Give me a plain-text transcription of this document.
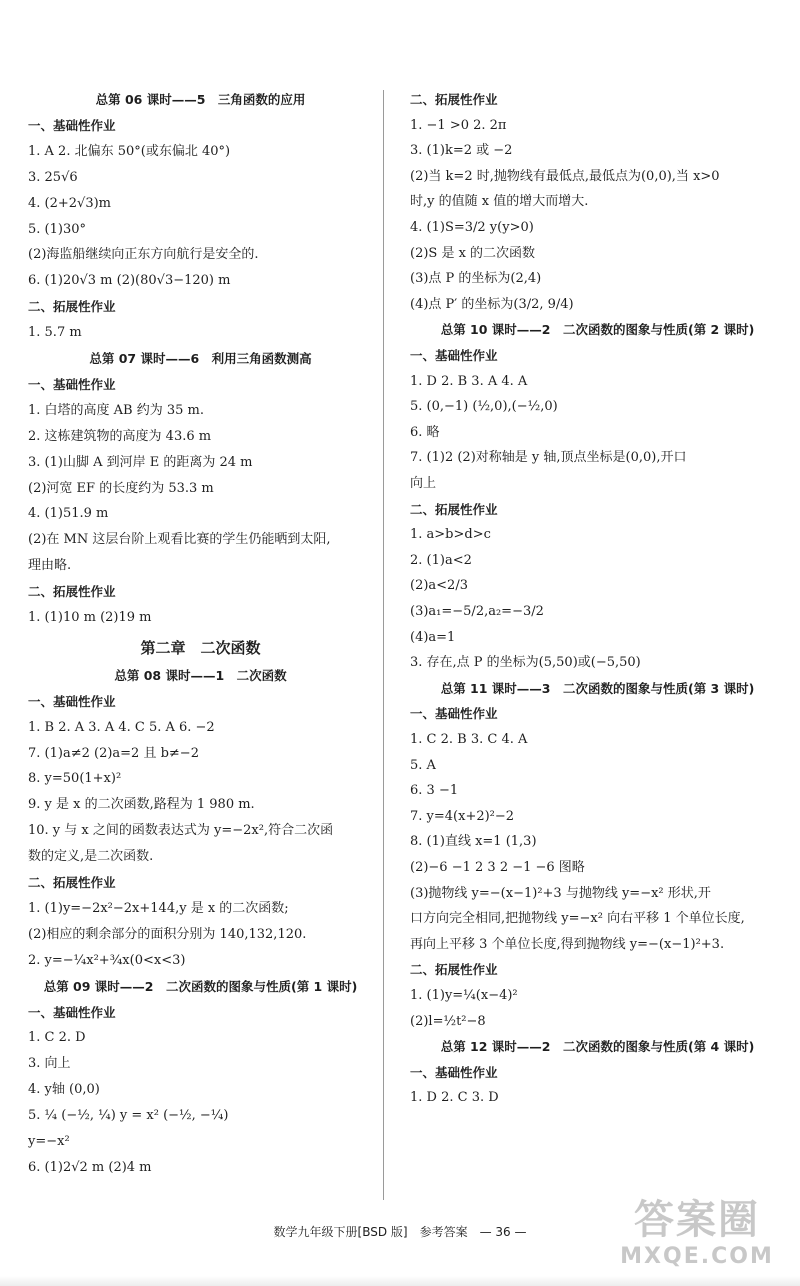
总第 06 课时——5　三角函数的应用
一、基础性作业
1. A 2. 北偏东 50°(或东偏北 40°)
3. 25√6
4. (2+2√3)m
5. (1)30°
(2)海监船继续向正东方向航行是安全的.
6. (1)20√3 m (2)(80√3−120) m
二、拓展性作业
1. 5.7 m
总第 07 课时——6　利用三角函数测高
一、基础性作业
1. 白塔的高度 AB 约为 35 m.
2. 这栋建筑物的高度为 43.6 m
3. (1)山脚 A 到河岸 E 的距离为 24 m
(2)河宽 EF 的长度约为 53.3 m
4. (1)51.9 m
(2)在 MN 这层台阶上观看比赛的学生仍能晒到太阳,
理由略.
二、拓展性作业
1. (1)10 m (2)19 m
第二章　二次函数
总第 08 课时——1　二次函数
一、基础性作业
1. B 2. A 3. A 4. C 5. A 6. −2
7. (1)a≠2 (2)a=2 且 b≠−2
8. y=50(1+x)²
9. y 是 x 的二次函数,路程为 1 980 m.
10. y 与 x 之间的函数表达式为 y=−2x²,符合二次函
数的定义,是二次函数.
二、拓展性作业
1. (1)y=−2x²−2x+144,y 是 x 的二次函数;
(2)相应的剩余部分的面积分别为 140,132,120.
2. y=−¼x²+¾x(0<x<3)
总第 09 课时——2　二次函数的图象与性质(第 1 课时)
一、基础性作业
1. C 2. D
3. 向上
4. y轴 (0,0)
5. ¼ (−½, ¼) y = x² (−½, −¼)
y=−x²
6. (1)2√2 m (2)4 m
二、拓展性作业
1. −1 >0 2. 2π
3. (1)k=2 或 −2
(2)当 k=2 时,抛物线有最低点,最低点为(0,0),当 x>0
时,y 的值随 x 值的增大而增大.
4. (1)S=3/2 y(y>0)
(2)S 是 x 的二次函数
(3)点 P 的坐标为(2,4)
(4)点 P′ 的坐标为(3/2, 9/4)
总第 10 课时——2　二次函数的图象与性质(第 2 课时)
一、基础性作业
1. D 2. B 3. A 4. A
5. (0,−1) (½,0),(−½,0)
6. 略
7. (1)2 (2)对称轴是 y 轴,顶点坐标是(0,0),开口
向上
二、拓展性作业
1. a>b>d>c
2. (1)a<2
(2)a<2/3
(3)a₁=−5/2,a₂=−3/2
(4)a=1
3. 存在,点 P 的坐标为(5,50)或(−5,50)
总第 11 课时——3　二次函数的图象与性质(第 3 课时)
一、基础性作业
1. C 2. B 3. C 4. A
5. A
6. 3 −1
7. y=4(x+2)²−2
8. (1)直线 x=1 (1,3)
(2)−6 −1 2 3 2 −1 −6 图略
(3)抛物线 y=−(x−1)²+3 与抛物线 y=−x² 形状,开
口方向完全相同,把抛物线 y=−x² 向右平移 1 个单位长度,
再向上平移 3 个单位长度,得到抛物线 y=−(x−1)²+3.
二、拓展性作业
1. (1)y=¼(x−4)²
(2)l=½t²−8
总第 12 课时——2　二次函数的图象与性质(第 4 课时)
一、基础性作业
1. D 2. C 3. D
数学九年级下册[BSD 版]　参考答案　— 36 —	答案圈
MXQE.COM
